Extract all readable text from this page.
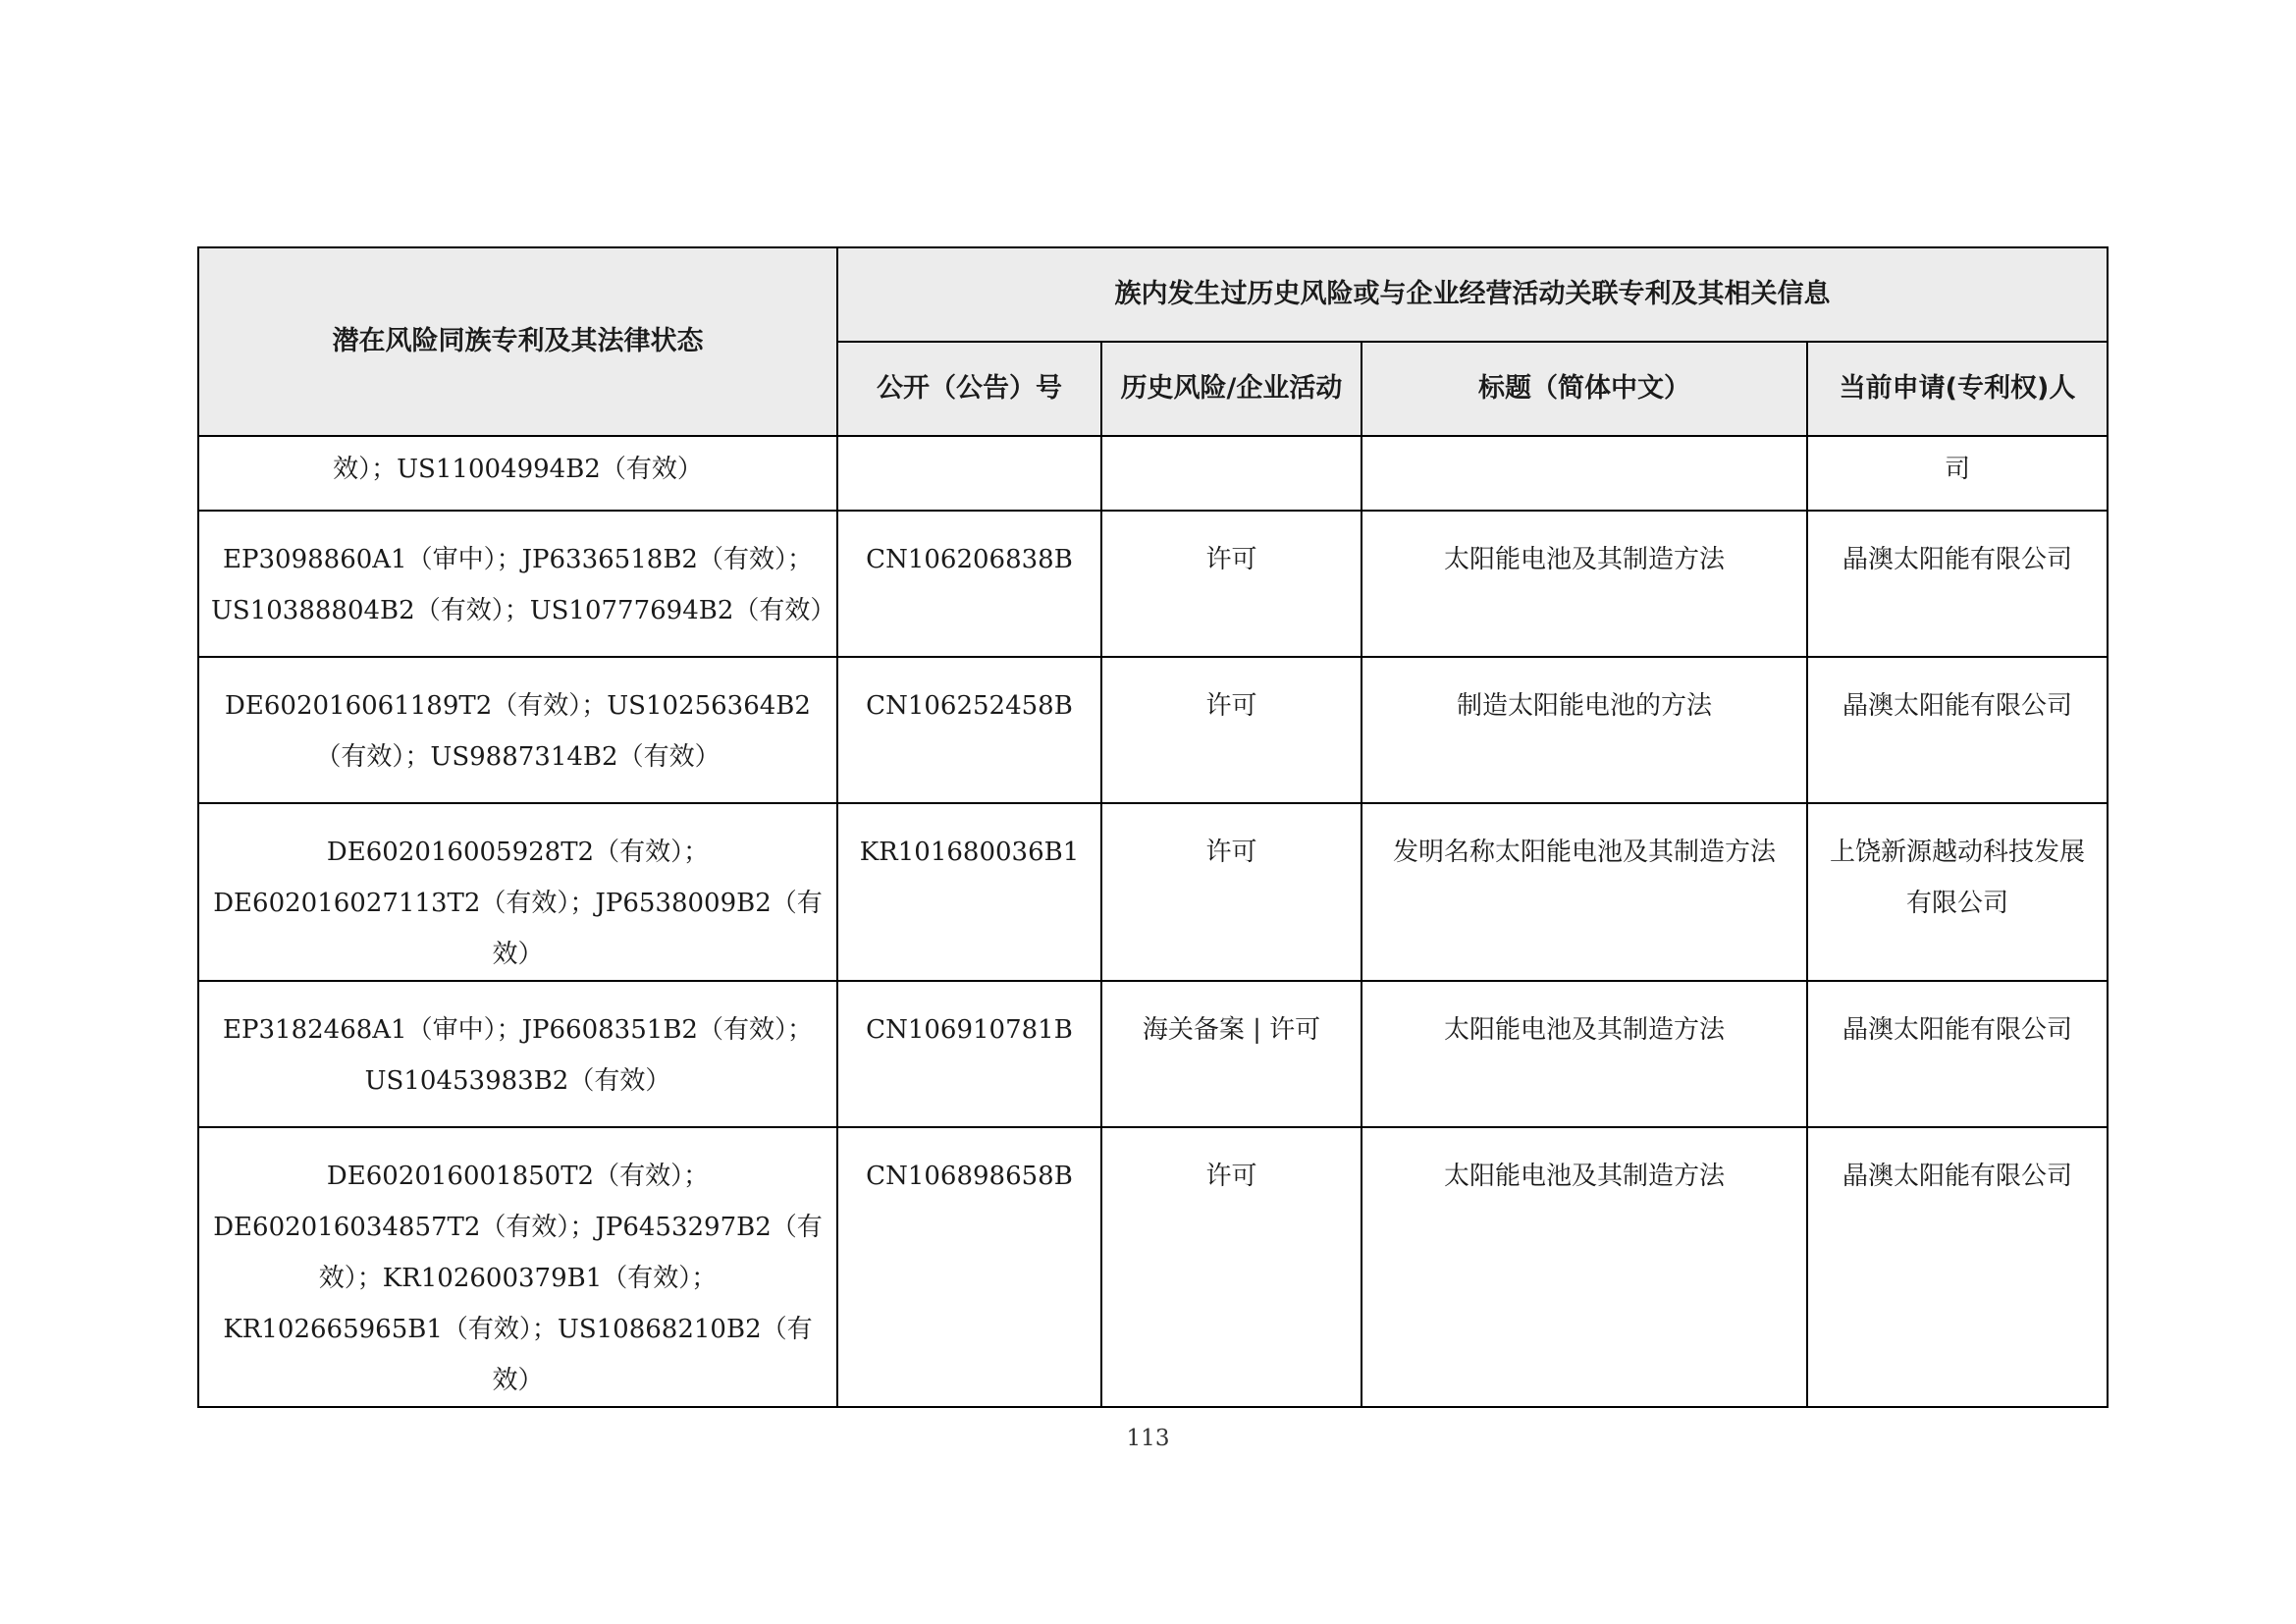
潜在风险同族专利及其法律状态	族内发生过历史风险或与企业经营活动关联专利及其相关信息			
	公开（公告）号	历史风险/企业活动	标题（简体中文）	当前申请(专利权)人
效）；US11004994B2（有效）				司
EP3098860A1（审中）；JP6336518B2（有效）；US10388804B2（有效）；US10777694B2（有效）	CN106206838B	许可	太阳能电池及其制造方法	晶澳太阳能有限公司
DE602016061189T2（有效）；US10256364B2（有效）；US9887314B2（有效）	CN106252458B	许可	制造太阳能电池的方法	晶澳太阳能有限公司
DE602016005928T2（有效）；DE602016027113T2（有效）；JP6538009B2（有效）	KR101680036B1	许可	发明名称太阳能电池及其制造方法	上饶新源越动科技发展有限公司
EP3182468A1（审中）；JP6608351B2（有效）；US10453983B2（有效）	CN106910781B	海关备案 | 许可	太阳能电池及其制造方法	晶澳太阳能有限公司
DE602016001850T2（有效）；DE602016034857T2（有效）；JP6453297B2（有效）；KR102600379B1（有效）；KR102665965B1（有效）；US10868210B2（有效）	CN106898658B	许可	太阳能电池及其制造方法	晶澳太阳能有限公司
113
